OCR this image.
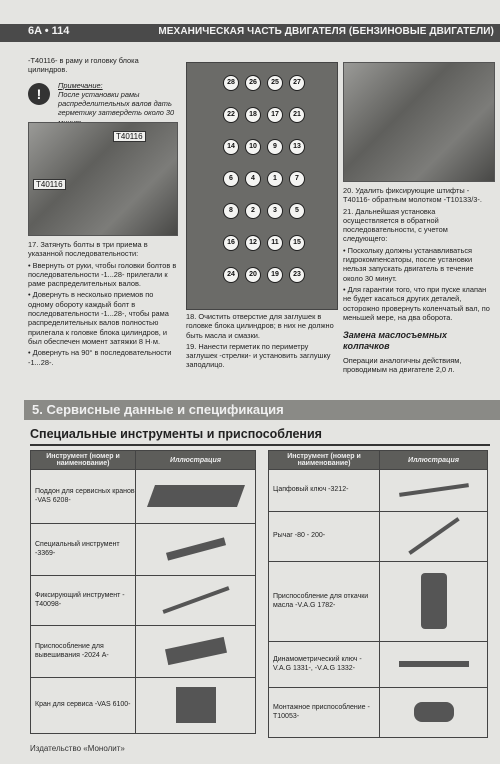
6A • 114	МЕХАНИЧЕСКАЯ ЧАСТЬ ДВИГАТЕЛЯ (БЕНЗИНОВЫЕ ДВИГАТЕЛИ)

-T40116- в раму и головку блока цилиндров.

!
Примечание:
После установки рамы распределительных валов дать герметику затвердеть около 30
T40116
T40116

17. Затянуть болты в три приема в указанной последовательности:

• Ввернуть от руки, чтобы головки болтов в последовательности -1...28- прилегали к раме распределительных валов.

• Довернуть в несколько приемов по одному обороту каждый болт в последовательности -1...28-, чтобы рама распределительных валов полностью прилегала к головке блока цилиндров, и был обеспечен момент затяжки 8 Н·м.

• Довернуть на 90° в последовательности -1...28-.

28	26	25	27
22	18	17	21
14	10	9	13
6	4	1	7
8	2	3	5
16	12	11	15
24	20	19	23

18. Очистить отверстие для заглушек в головке блока цилиндров; в них не должно быть масла и смазки.

19. Нанести герметик по периметру заглушек -стрелки- и установить заглушку заподлицо.

20. Удалить фиксирующие штифты -T40116- обратным молотком -T10133/3-.

21. Дальнейшая установка осуществляется в обратной последовательности, с учетом следующего:

• Поскольку должны устанавливаться гидрокомпенсаторы, после установки нельзя запускать двигатель в течение около 30 минут.

• Для гарантии того, что при пуске клапан не будет касаться других деталей, осторожно провернуть коленчатый вал, по меньшей мере, на два оборота.

Замена маслосъемных колпачков

Операции аналогичны действиям, проводимым на двигателе 2,0 л.

5. Сервисные данные и спецификация
Специальные инструменты и приспособления
Инструмент (номер и наименование)	Иллюстрация
Поддон для сервисных кранов -VAS 6208-	
Специальный инструмент -3369-	
Фиксирующий инструмент -T40098-	
Приспособление для вывешивания -2024 A-	
Кран для сервиса -VAS 6100-	
Инструмент (номер и наименование)	Иллюстрация
Цапфовый ключ -3212-	
Рычаг -80 - 200-	
Приспособление для откачки масла -V.A.G 1782-	
Динамометрический ключ -V.A.G 1331-, -V.A.G 1332-	
Монтажное приспособление -T10053-	
Издательство «Монолит»
